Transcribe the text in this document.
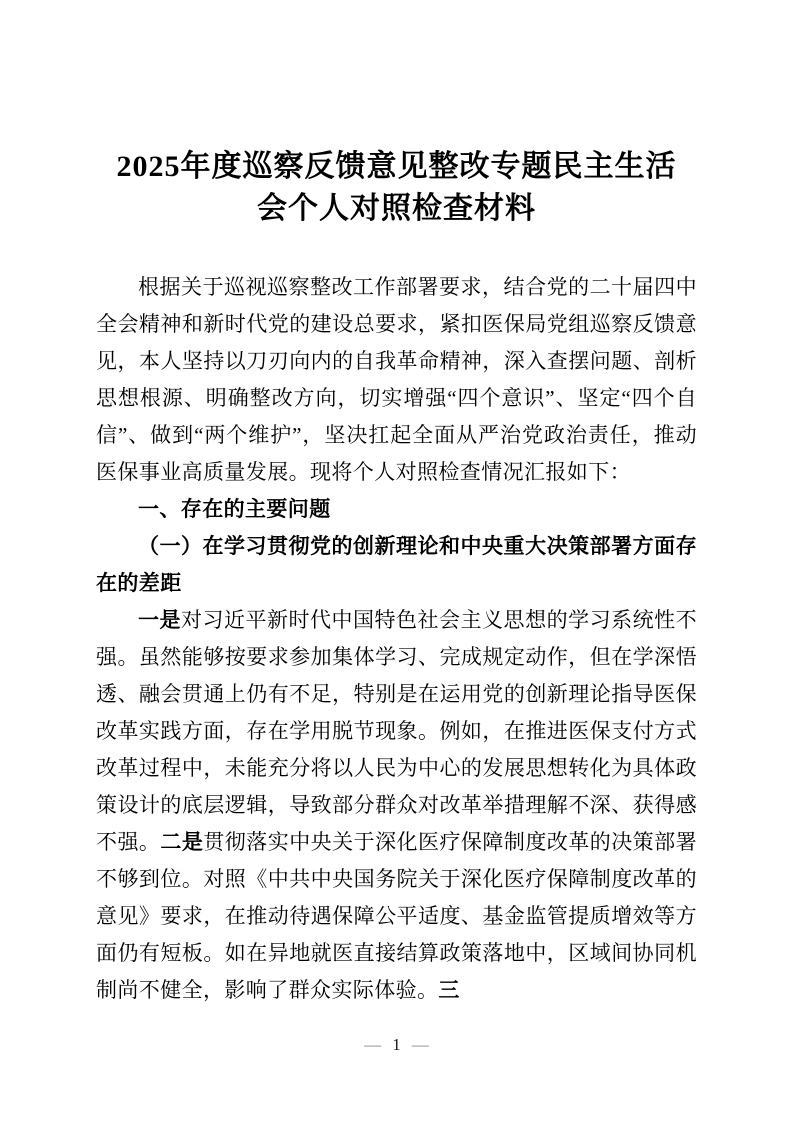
2025年度巡察反馈意见整改专题民主生活
会个人对照检查材料

根据关于巡视巡察整改工作部署要求，结合党的二十届四中全会精神和新时代党的建设总要求，紧扣医保局党组巡察反馈意见，本人坚持以刀刃向内的自我革命精神，深入查摆问题、剖析思想根源、明确整改方向，切实增强“四个意识”、坚定“四个自信”、做到“两个维护”，坚决扛起全面从严治党政治责任，推动医保事业高质量发展。现将个人对照检查情况汇报如下：

一、存在的主要问题

（一）在学习贯彻党的创新理论和中央重大决策部署方面存在的差距

一是对习近平新时代中国特色社会主义思想的学习系统性不强。虽然能够按要求参加集体学习、完成规定动作，但在学深悟透、融会贯通上仍有不足，特别是在运用党的创新理论指导医保改革实践方面，存在学用脱节现象。例如，在推进医保支付方式改革过程中，未能充分将以人民为中心的发展思想转化为具体政策设计的底层逻辑，导致部分群众对改革举措理解不深、获得感不强。二是贯彻落实中央关于深化医疗保障制度改革的决策部署不够到位。对照《中共中央国务院关于深化医疗保障制度改革的意见》要求，在推动待遇保障公平适度、基金监管提质增效等方面仍有短板。如在异地就医直接结算政策落地中，区域间协同机制尚不健全，影响了群众实际体验。三

— 1 —
